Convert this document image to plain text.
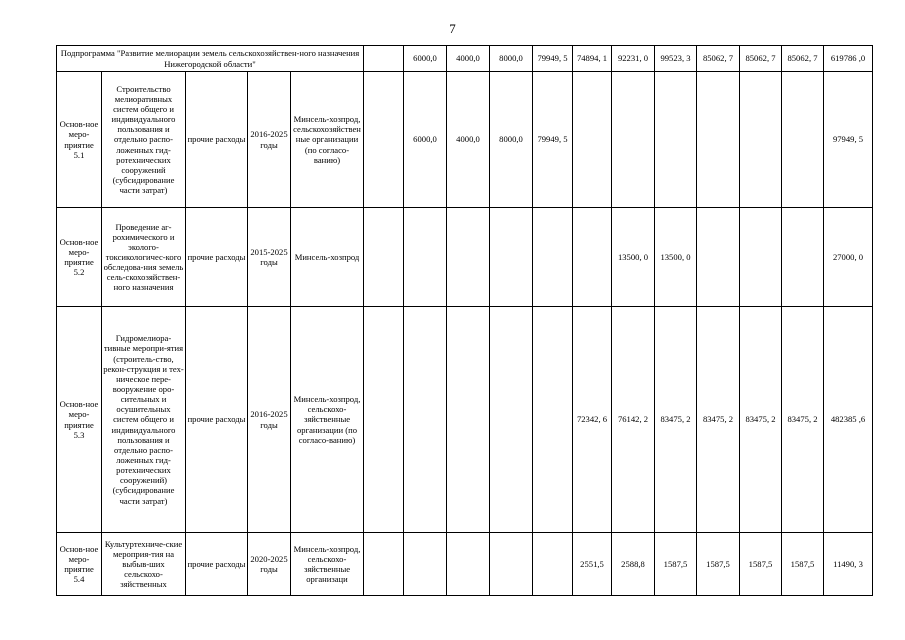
7
Подпрограмма "Развитие мелиорации земель сельскохозяйствен-ного назначения Нижегородской области"						6000,0	4000,0	8000,0	79949, 5	74894, 1	92231, 0	99523, 3	85062, 7	85062, 7	85062, 7	619786 ,0
Основ-ное меро-приятие 5.1	Строительство мелиоративных систем общего и индивидуального пользования и отдельно распо-ложенных гид-ротехнических сооружений (субсидирование части затрат)	прочие расходы	2016-2025 годы	Минсель-хозпрод, сельскохозяйственные организации (по согласо-ванию)		6000,0	4000,0	8000,0	79949, 5							97949, 5
Основ-ное меро-приятие 5.2	Проведение аг-рохимического и эколого-токсикологичес-кого обследова-ния земель сель-скохозяйствен-ного назначения	прочие расходы	2015-2025 годы	Минсель-хозпрод							13500, 0	13500, 0				27000, 0
Основ-ное меро-приятие 5.3	Гидромелиора-тивные меропри-ятия (строитель-ство, рекон-струкция и тех-ническое пере-вооружение оро-сительных и осушительных систем общего и индивидуального пользования и отдельно распо-ложенных гид-ротехнических сооружений) (субсидирование части затрат)	прочие расходы	2016-2025 годы	Минсель-хозпрод, сельскохо-зяйственные организации (по согласо-ванию)						72342, 6	76142, 2	83475, 2	83475, 2	83475, 2	83475, 2	482385 ,6
Основ-ное меро-приятие 5.4	Культуртехниче-ские мероприя-тия на выбыв-ших сельскохо-зяйственных	прочие расходы	2020-2025 годы	Минсель-хозпрод, сельскохо-зяйственные организаци						2551,5	2588,8	1587,5	1587,5	1587,5	1587,5	11490, 3
